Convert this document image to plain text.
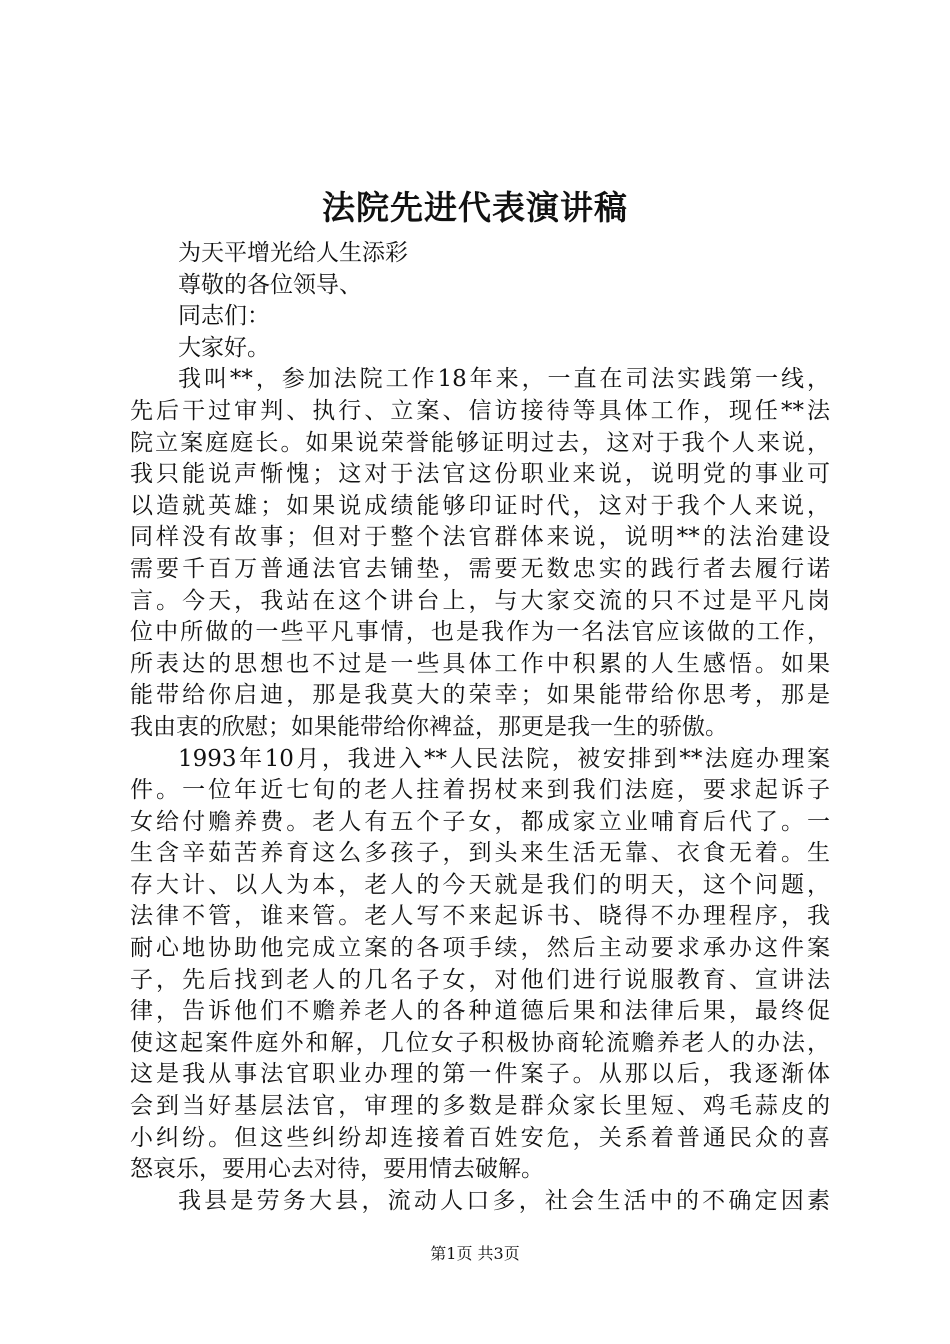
法院先进代表演讲稿
为天平增光给人生添彩
尊敬的各位领导、
同志们：
大家好。
我叫**，参加法院工作18年来，一直在司法实践第一线，
先后干过审判、执行、立案、信访接待等具体工作，现任**法
院立案庭庭长。如果说荣誉能够证明过去，这对于我个人来说，
我只能说声惭愧；这对于法官这份职业来说，说明党的事业可
以造就英雄；如果说成绩能够印证时代，这对于我个人来说，
同样没有故事；但对于整个法官群体来说，说明**的法治建设
需要千百万普通法官去铺垫，需要无数忠实的践行者去履行诺
言。今天，我站在这个讲台上，与大家交流的只不过是平凡岗
位中所做的一些平凡事情，也是我作为一名法官应该做的工作，
所表达的思想也不过是一些具体工作中积累的人生感悟。如果
能带给你启迪，那是我莫大的荣幸；如果能带给你思考，那是
我由衷的欣慰；如果能带给你裨益，那更是我一生的骄傲。
1993年10月，我进入**人民法院，被安排到**法庭办理案
件。一位年近七旬的老人拄着拐杖来到我们法庭，要求起诉子
女给付赡养费。老人有五个子女，都成家立业哺育后代了。一
生含辛茹苦养育这么多孩子，到头来生活无靠、衣食无着。生
存大计、以人为本，老人的今天就是我们的明天，这个问题，
法律不管，谁来管。老人写不来起诉书、晓得不办理程序，我
耐心地协助他完成立案的各项手续，然后主动要求承办这件案
子，先后找到老人的几名子女，对他们进行说服教育、宣讲法
律，告诉他们不赡养老人的各种道德后果和法律后果，最终促
使这起案件庭外和解，几位女子积极协商轮流赡养老人的办法，
这是我从事法官职业办理的第一件案子。从那以后，我逐渐体
会到当好基层法官，审理的多数是群众家长里短、鸡毛蒜皮的
小纠纷。但这些纠纷却连接着百姓安危，关系着普通民众的喜
怒哀乐，要用心去对待，要用情去破解。
我县是劳务大县，流动人口多，社会生活中的不确定因素
第1页 共3页
